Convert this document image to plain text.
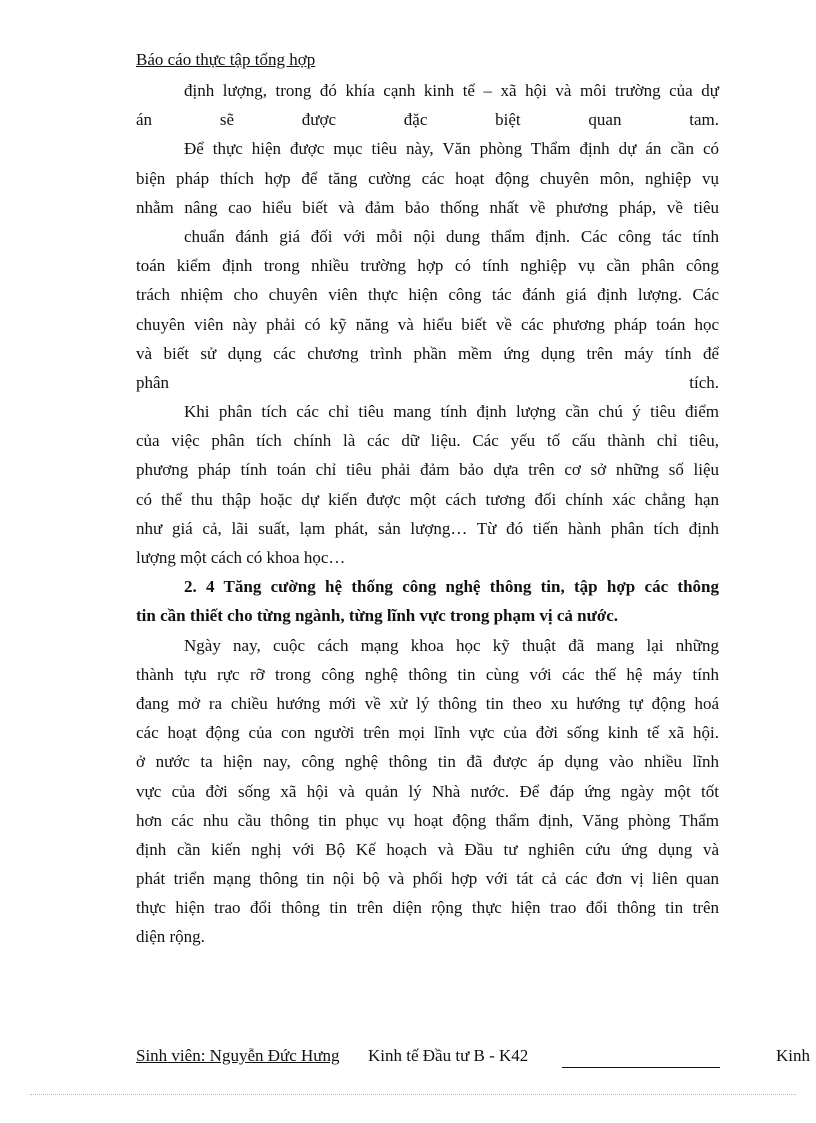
Báo cáo thực tập tổng hợp
định lượng, trong đó khía cạnh kinh tế – xã hội và môi trường của dự
án sẽ được đặc biệt quan tam.
Để thực hiện được mục tiêu này, Văn phòng Thẩm định dự án cần có
biện pháp thích hợp để tăng cường các hoạt động chuyên môn, nghiệp vụ
nhằm nâng cao hiểu biết và đảm bảo thống nhất về phương pháp, về tiêu
chuẩn đánh giá đối với mỗi nội dung thẩm định. Các công tác tính
toán kiểm định trong nhiều trường hợp có tính nghiệp vụ cần phân công
trách nhiệm cho chuyên viên thực hiện công tác đánh giá định lượng. Các
chuyên viên này phải có kỹ năng và hiểu biết về các phương pháp toán học
và biết sử dụng các chương trình phần mềm ứng dụng trên máy tính để
phân tích.
Khi phân tích các chỉ tiêu mang tính định lượng cần chú ý tiêu điểm
của việc phân tích chính là các dữ liệu. Các yếu tố cấu thành chỉ tiêu,
phương pháp tính toán chỉ tiêu phải đảm bảo dựa trên cơ sở những số liệu
có thể thu thập hoặc dự kiến được một cách tương đối chính xác chẳng hạn
như giá cả, lãi suất, lạm phát, sản lượng… Từ đó tiến hành phân tích định
lượng một cách có khoa học…
2. 4 Tăng cường hệ thống công nghệ thông tin, tập hợp các thông
tin cần thiết cho từng ngành, từng lĩnh vực trong phạm vị cả nước.
Ngày nay, cuộc cách mạng khoa học kỹ thuật đã mang lại những
thành tựu rực rỡ trong công nghệ thông tin cùng với các thế hệ máy tính
đang mở ra chiều hướng mới về xử lý thông tin theo xu hướng tự động hoá
các hoạt động của con người trên mọi lĩnh vực của đời sống kinh tế xã hội.
ở nước ta hiện nay, công nghệ thông tin đã được áp dụng vào nhiều lĩnh
vực của đời sống xã hội và quản lý Nhà nước. Để đáp ứng ngày một tốt
hơn các nhu cầu thông tin phục vụ hoạt động thẩm định, Văng phòng Thẩm
định cần kiến nghị với Bộ Kế hoạch và Đầu tư nghiên cứu ứng dụng và
phát triển mạng thông tin nội bộ và phối hợp với tát cả các đơn vị liên quan
thực hiện trao đổi thông tin trên diện rộng thực hiện trao đổi thông tin trên
diện rộng.
Sinh viên: Nguyễn Đức Hưng Kinh tế Đầu tư B - K42	Kinh
